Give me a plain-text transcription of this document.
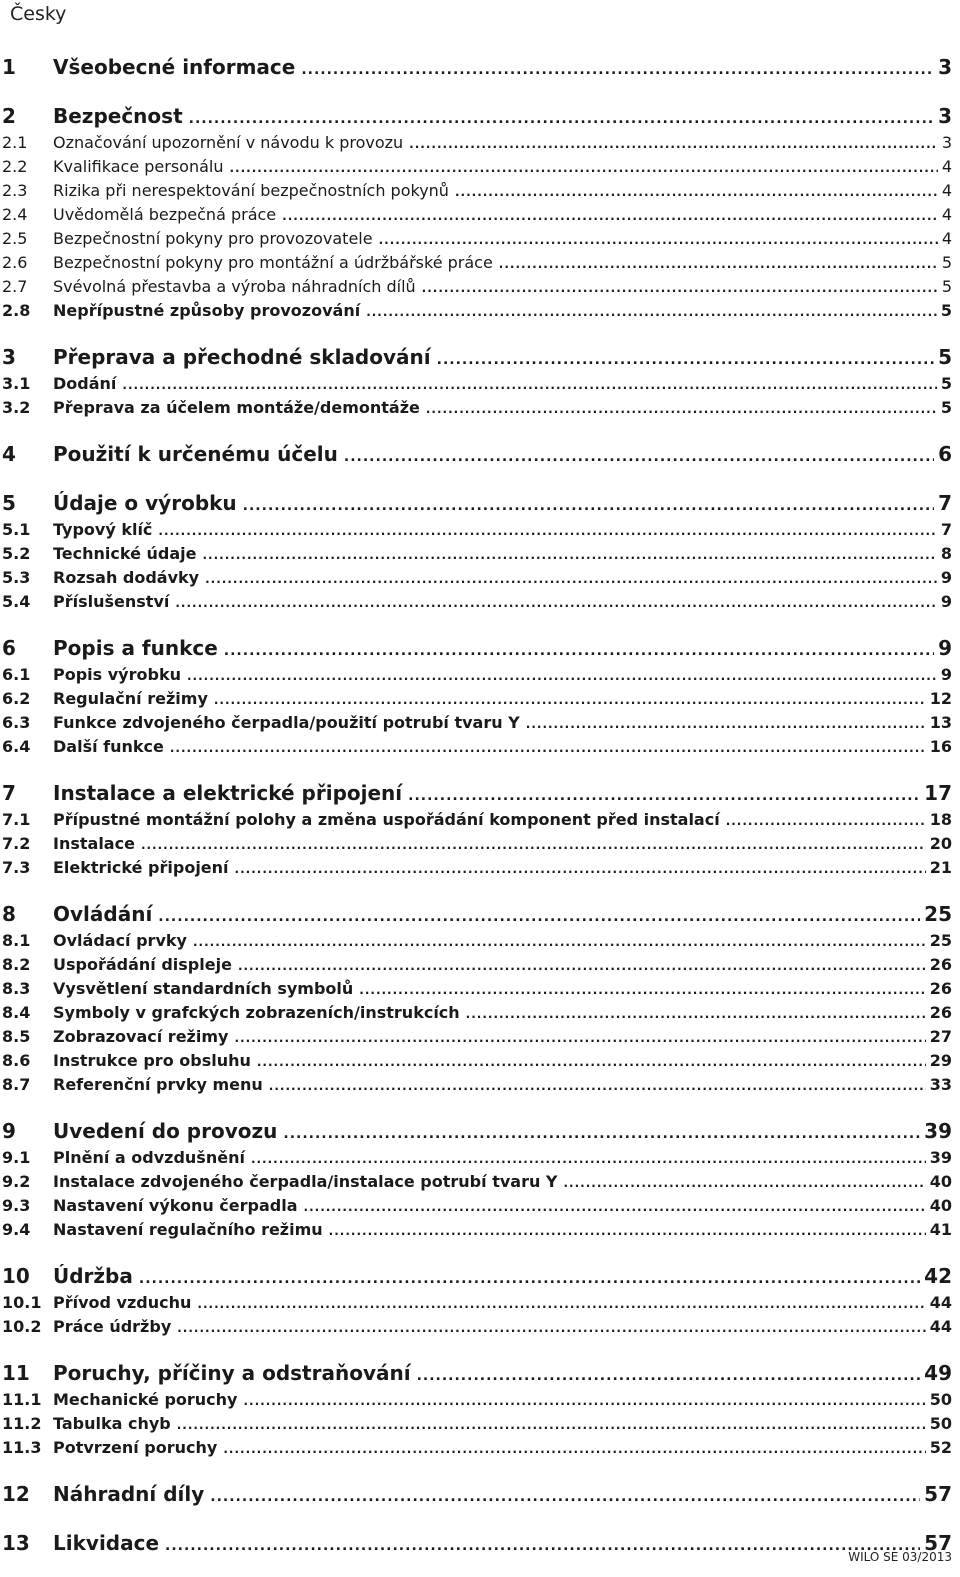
Česky
1	Všeobecné informace .....	3
2	Bezpečnost .....	3
2.1	Označování upozornění v návodu k provozu .....	3
2.2	Kvalifikace personálu .....	4
2.3	Rizika při nerespektování bezpečnostních pokynů .....	4
2.4	Uvědomělá bezpečná práce .....	4
2.5	Bezpečnostní pokyny pro provozovatele .....	4
2.6	Bezpečnostní pokyny pro montážní a údržbářské práce .....	5
2.7	Svévolná přestavba a výroba náhradních dílů .....	5
2.8	Nepřípustné způsoby provozování .....	5
3	Přeprava a přechodné skladování .....	5
3.1	Dodání .....	5
3.2	Přeprava za účelem montáže/demontáže .....	5
4	Použití k určenému účelu .....	6
5	Údaje o výrobku .....	7
5.1	Typový klíč .....	7
5.2	Technické údaje .....	8
5.3	Rozsah dodávky .....	9
5.4	Příslušenství .....	9
6	Popis a funkce .....	9
6.1	Popis výrobku .....	9
6.2	Regulační režimy .....	12
6.3	Funkce zdvojeného čerpadla/použití potrubí tvaru Y .....	13
6.4	Další funkce .....	16
7	Instalace a elektrické připojení .....	17
7.1	Přípustné montážní polohy a změna uspořádání komponent před instalací .....	18
7.2	Instalace .....	20
7.3	Elektrické připojení .....	21
8	Ovládání .....	25
8.1	Ovládací prvky .....	25
8.2	Uspořádání displeje .....	26
8.3	Vysvětlení standardních symbolů .....	26
8.4	Symboly v grafckých zobrazeních/instrukcích .....	26
8.5	Zobrazovací režimy .....	27
8.6	Instrukce pro obsluhu .....	29
8.7	Referenční prvky menu .....	33
9	Uvedení do provozu .....	39
9.1	Plnění a odvzdušnění .....	39
9.2	Instalace zdvojeného čerpadla/instalace potrubí tvaru Y .....	40
9.3	Nastavení výkonu čerpadla .....	40
9.4	Nastavení regulačního režimu .....	41
10	Údržba .....	42
10.1 Přívod vzduchu .....	44
10.2 Práce údržby .....	44
11	Poruchy, příčiny a odstraňování .....	49
11.1 Mechanické poruchy .....	50
11.2 Tabulka chyb .....	50
11.3 Potvrzení poruchy .....	52
12	Náhradní díly .....	57
13	Likvidace .....	57
WILO SE 03/2013
